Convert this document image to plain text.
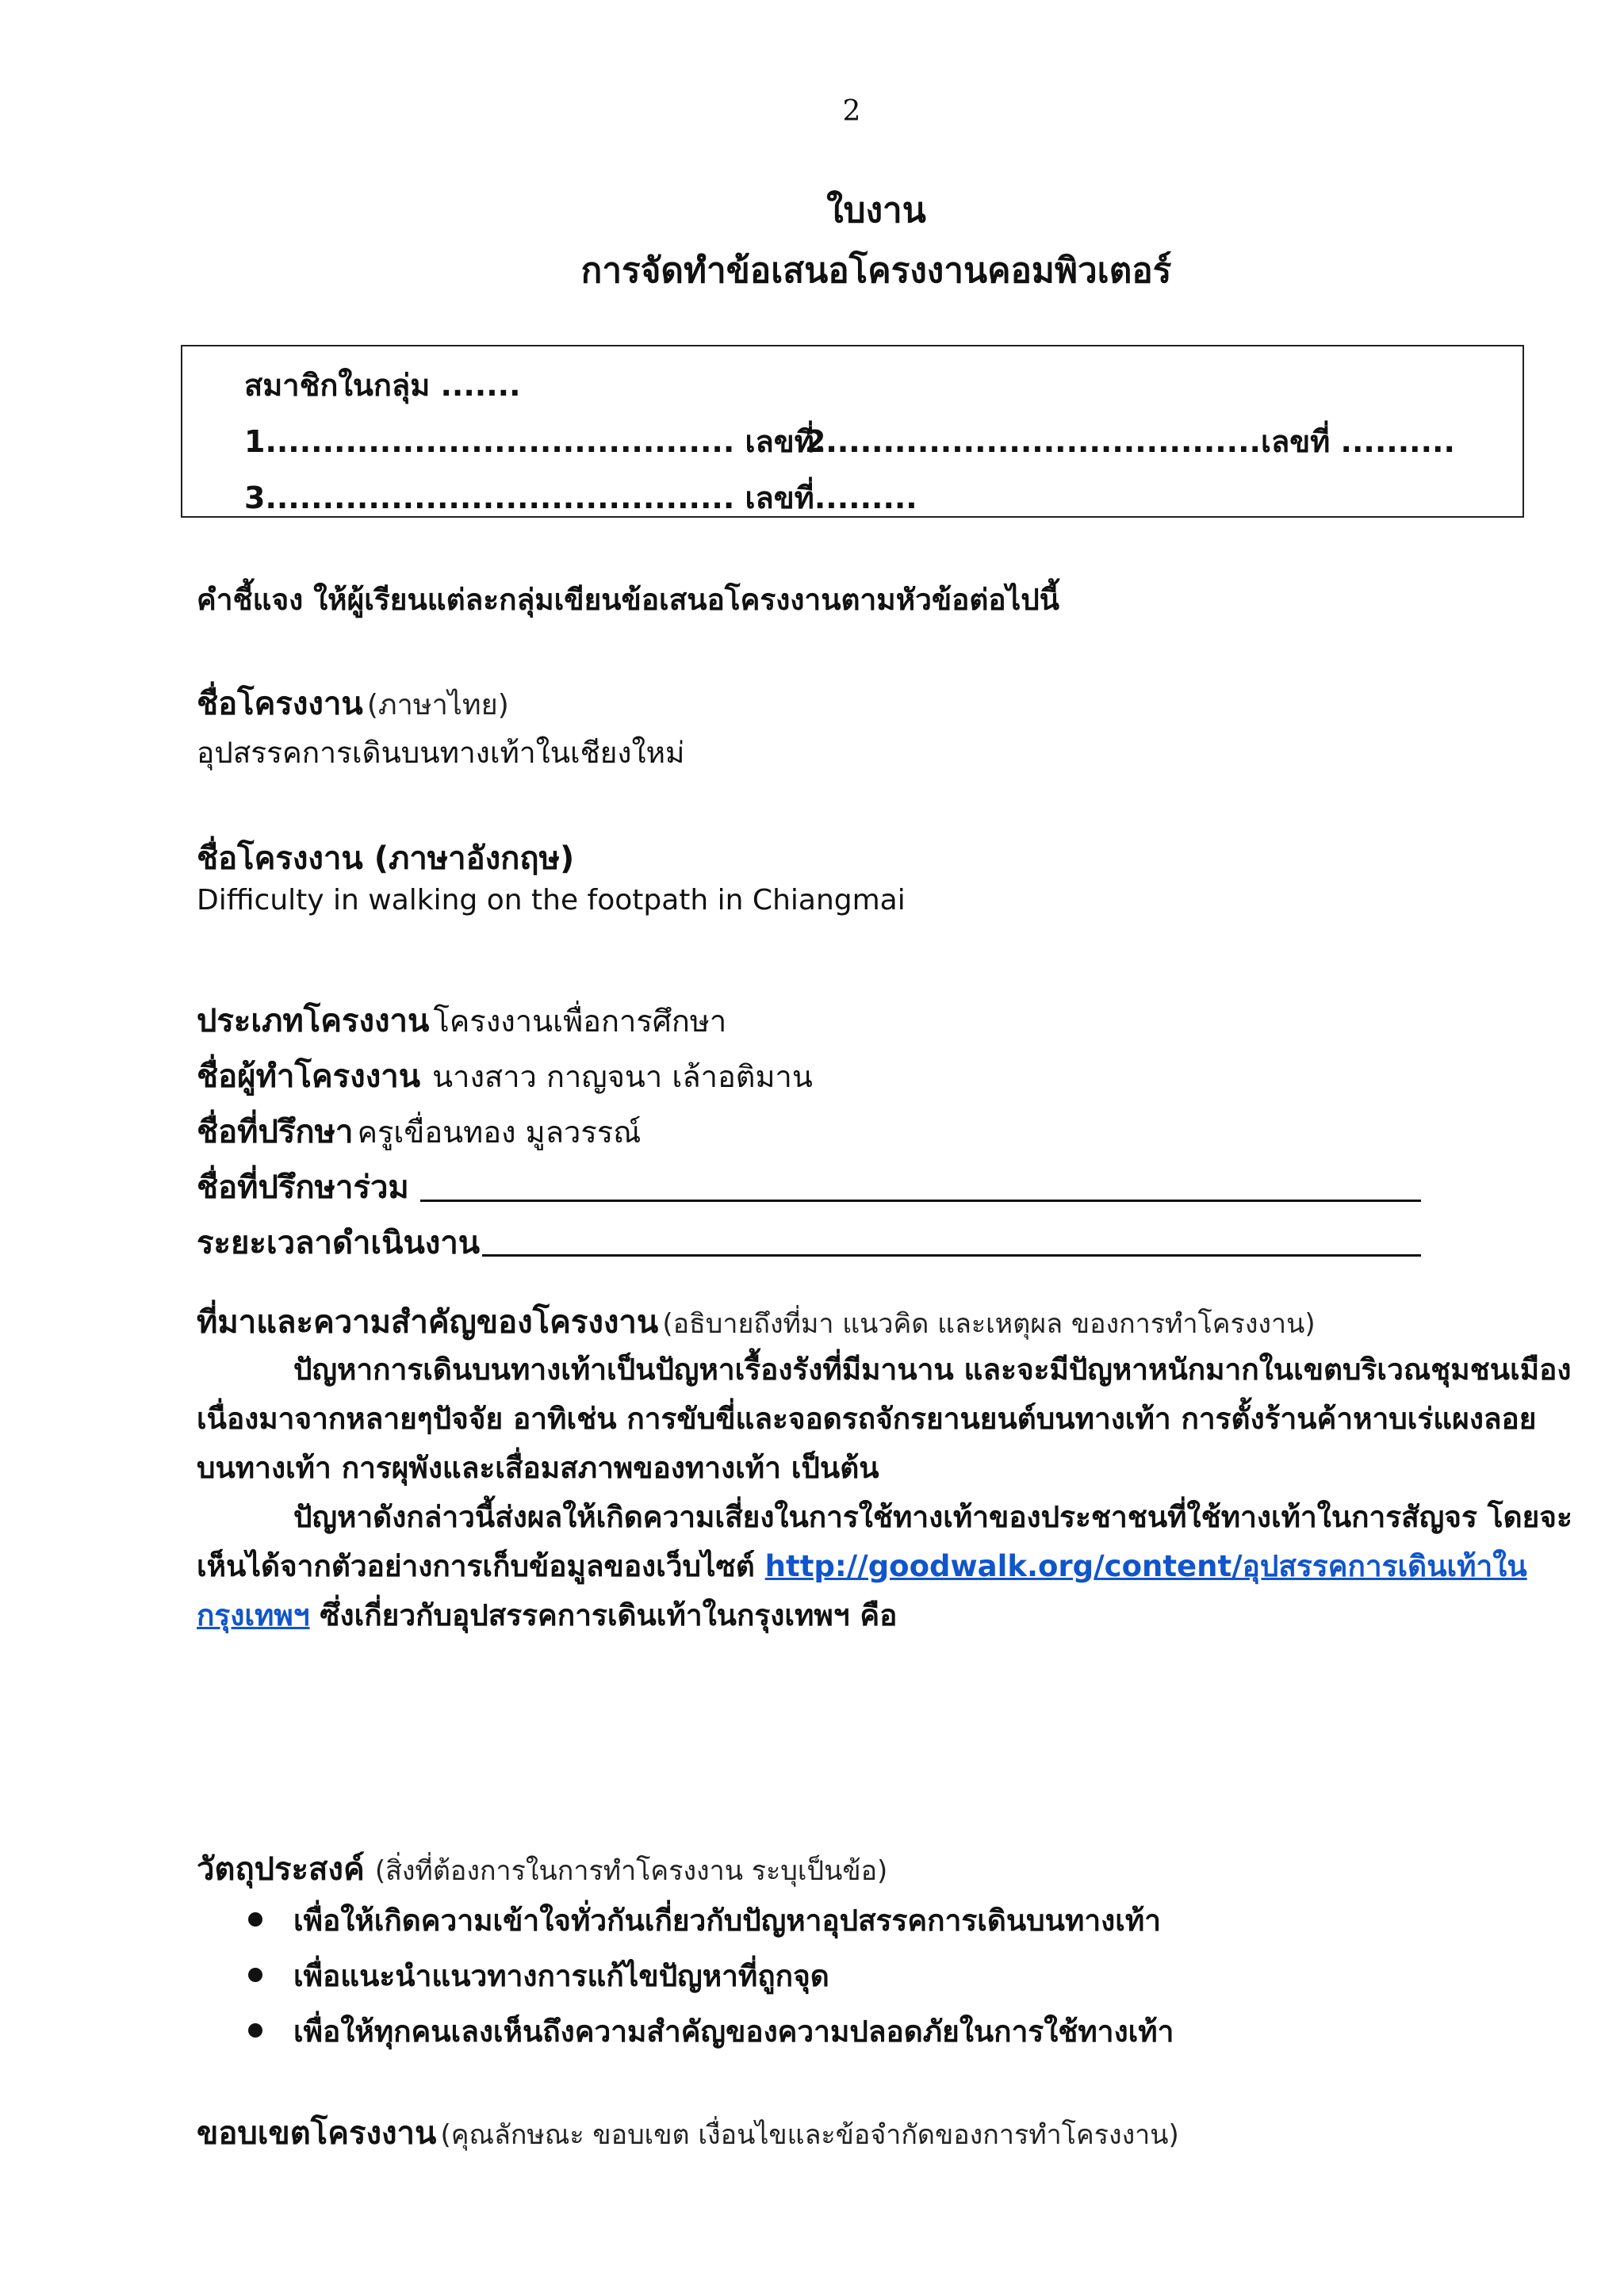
2
ใบงาน
การจัดทำข้อเสนอโครงงานคอมพิวเตอร์
สมาชิกในกลุ่ม .......
1......................................... เลขที่.........
2......................................เลขที่ ..........
3......................................... เลขที่.........
คำชี้แจง ให้ผู้เรียนแต่ละกลุ่มเขียนข้อเสนอโครงงานตามหัวข้อต่อไปนี้
ชื่อโครงงาน (ภาษาไทย)
อุปสรรคการเดินบนทางเท้าในเชียงใหม่
ชื่อโครงงาน (ภาษาอังกฤษ)
Difficulty in walking on the footpath in Chiangmai
ประเภทโครงงาน โครงงานเพื่อการศึกษา
ชื่อผู้ทำโครงงาน นางสาว กาญจนา เล้าอติมาน
ชื่อที่ปรึกษา ครูเขื่อนทอง มูลวรรณ์
ชื่อที่ปรึกษาร่วม
ระยะเวลาดำเนินงาน
ที่มาและความสำคัญของโครงงาน (อธิบายถึงที่มา แนวคิด และเหตุผล ของการทำโครงงาน)
ปัญหาการเดินบนทางเท้าเป็นปัญหาเรื้องรังที่มีมานาน และจะมีปัญหาหนักมากในเขตบริเวณชุมชนเมือง
เนื่องมาจากหลายๆปัจจัย อาทิเช่น การขับขี่และจอดรถจักรยานยนต์บนทางเท้า การตั้งร้านค้าหาบเร่แผงลอย
บนทางเท้า การผุพังและเสื่อมสภาพของทางเท้า เป็นต้น
ปัญหาดังกล่าวนี้ส่งผลให้เกิดความเสี่ยงในการใช้ทางเท้าของประชาชนที่ใช้ทางเท้าในการสัญจร โดยจะ
เห็นได้จากตัวอย่างการเก็บข้อมูลของเว็บไซต์ http://goodwalk.org/content/อุปสรรคการเดินเท้าใน
กรุงเทพฯ ซึ่งเกี่ยวกับอุปสรรคการเดินเท้าในกรุงเทพฯ คือ
วัตถุประสงค์ (สิ่งที่ต้องการในการทำโครงงาน ระบุเป็นข้อ)
เพื่อให้เกิดความเข้าใจทั่วกันเกี่ยวกับปัญหาอุปสรรคการเดินบนทางเท้า
เพื่อแนะนำแนวทางการแก้ไขปัญหาที่ถูกจุด
เพื่อให้ทุกคนเลงเห็นถึงความสำคัญของความปลอดภัยในการใช้ทางเท้า
ขอบเขตโครงงาน (คุณลักษณะ ขอบเขต เงื่อนไขและข้อจำกัดของการทำโครงงาน)
